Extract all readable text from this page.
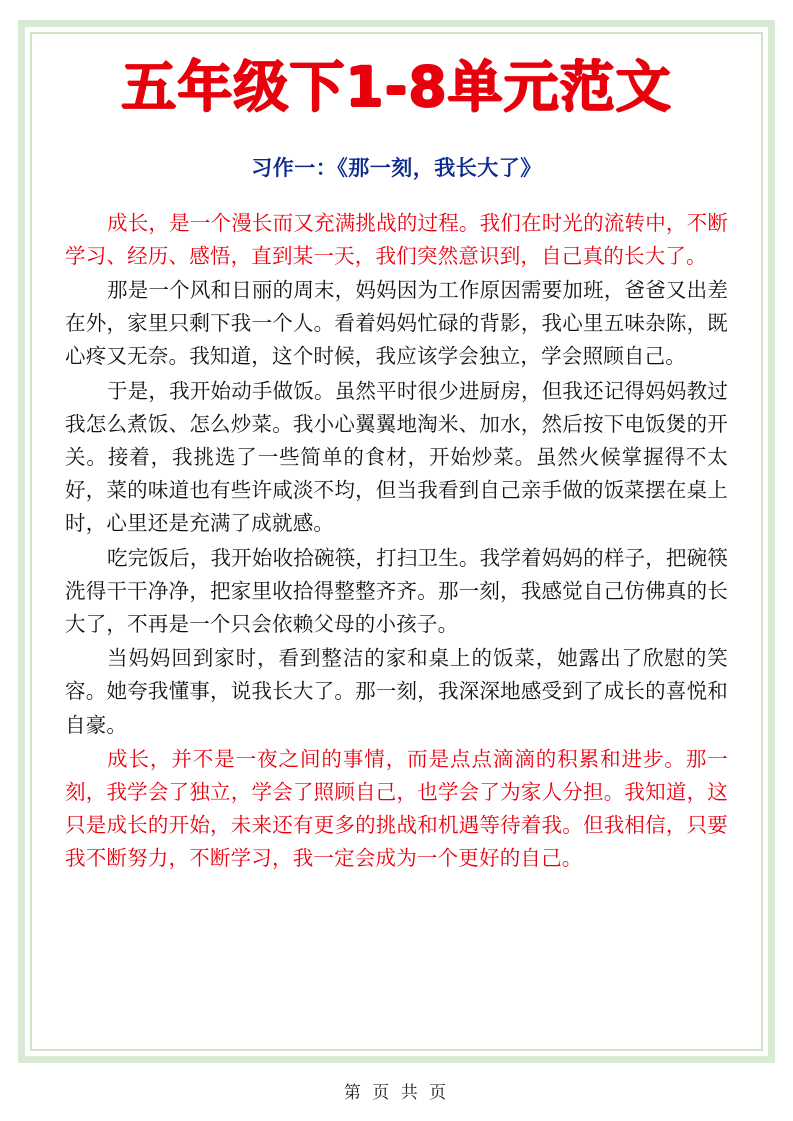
五年级下1-8单元范文
习作一：《那一刻，我长大了》

成长，是一个漫长而又充满挑战的过程。我们在时光的流转中，不断学习、经历、感悟，直到某一天，我们突然意识到，自己真的长大了。

那是一个风和日丽的周末，妈妈因为工作原因需要加班，爸爸又出差在外，家里只剩下我一个人。看着妈妈忙碌的背影，我心里五味杂陈，既心疼又无奈。我知道，这个时候，我应该学会独立，学会照顾自己。

于是，我开始动手做饭。虽然平时很少进厨房，但我还记得妈妈教过我怎么煮饭、怎么炒菜。我小心翼翼地淘米、加水，然后按下电饭煲的开关。接着，我挑选了一些简单的食材，开始炒菜。虽然火候掌握得不太好，菜的味道也有些许咸淡不均，但当我看到自己亲手做的饭菜摆在桌上时，心里还是充满了成就感。

吃完饭后，我开始收拾碗筷，打扫卫生。我学着妈妈的样子，把碗筷洗得干干净净，把家里收拾得整整齐齐。那一刻，我感觉自己仿佛真的长大了，不再是一个只会依赖父母的小孩子。

当妈妈回到家时，看到整洁的家和桌上的饭菜，她露出了欣慰的笑容。她夸我懂事，说我长大了。那一刻，我深深地感受到了成长的喜悦和自豪。

成长，并不是一夜之间的事情，而是点点滴滴的积累和进步。那一刻，我学会了独立，学会了照顾自己，也学会了为家人分担。我知道，这只是成长的开始，未来还有更多的挑战和机遇等待着我。但我相信，只要我不断努力，不断学习，我一定会成为一个更好的自己。

第 页 共 页
